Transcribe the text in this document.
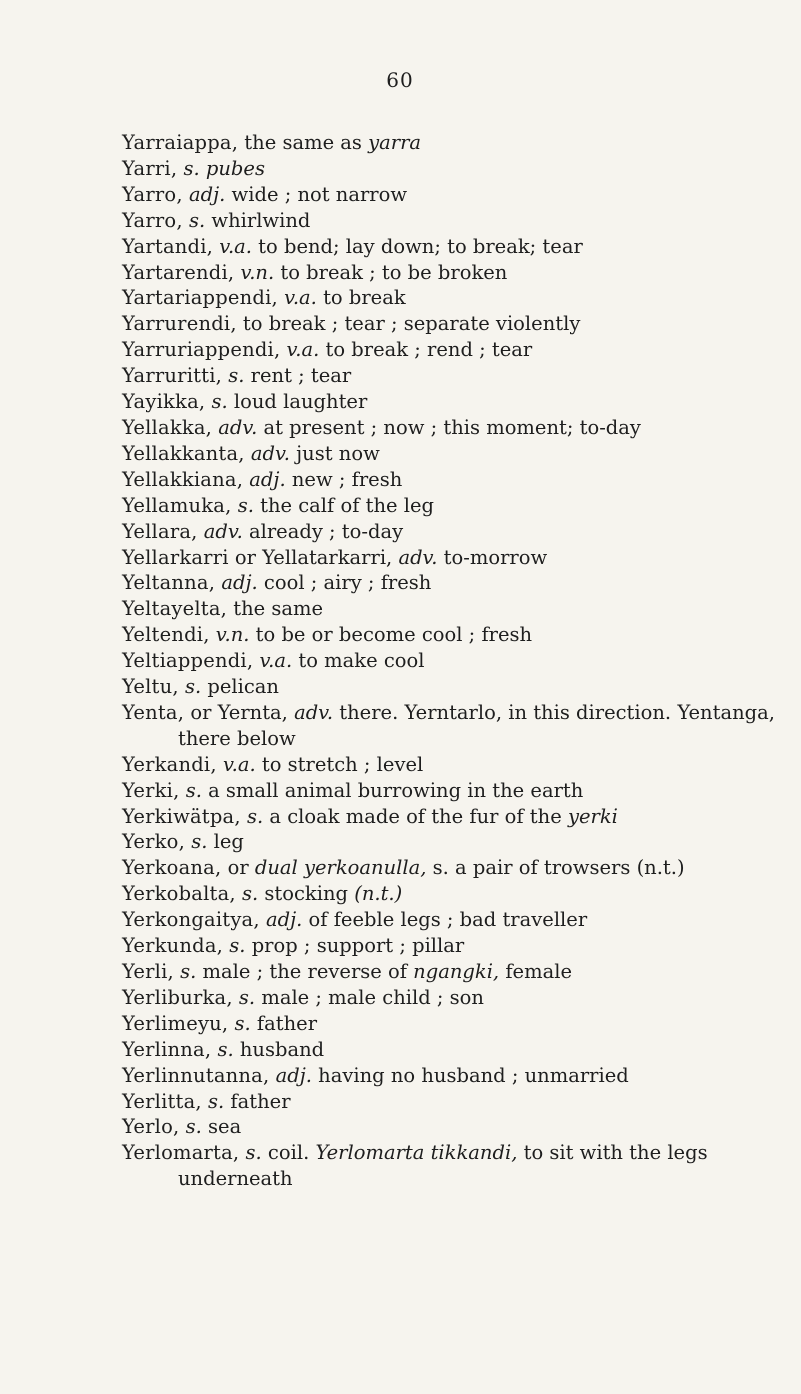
60
Yarraiappa, the same as yarra
Yarri, s. pubes
Yarro, adj. wide ; not narrow
Yarro, s. whirlwind
Yartandi, v.a. to bend; lay down; to break; tear
Yartarendi, v.n. to break ; to be broken
Yartariappendi, v.a. to break
Yarrurendi, to break ; tear ; separate violently
Yarruriappendi, v.a. to break ; rend ; tear
Yarruritti, s. rent ; tear
Yayikka, s. loud laughter
Yellakka, adv. at present ; now ; this moment; to-day
Yellakkanta, adv. just now
Yellakkiana, adj. new ; fresh
Yellamuka, s. the calf of the leg
Yellara, adv. already ; to-day
Yellarkarri or Yellatarkarri, adv. to-morrow
Yeltanna, adj. cool ; airy ; fresh
Yeltayelta, the same
Yeltendi, v.n. to be or become cool ; fresh
Yeltiappendi, v.a. to make cool
Yeltu, s. pelican
Yenta, or Yernta, adv. there. Yerntarlo, in this direction. Yentanga, there below
Yerkandi, v.a. to stretch ; level
Yerki, s. a small animal burrowing in the earth
Yerkiwätpa, s. a cloak made of the fur of the yerki
Yerko, s. leg
Yerkoana, or dual yerkoanulla, s. a pair of trowsers (n.t.)
Yerkobalta, s. stocking (n.t.)
Yerkongaitya, adj. of feeble legs ; bad traveller
Yerkunda, s. prop ; support ; pillar
Yerli, s. male ; the reverse of ngangki, female
Yerliburka, s. male ; male child ; son
Yerlimeyu, s. father
Yerlinna, s. husband
Yerlinnutanna, adj. having no husband ; unmarried
Yerlitta, s. father
Yerlo, s. sea
Yerlomarta, s. coil. Yerlomarta tikkandi, to sit with the legs underneath
